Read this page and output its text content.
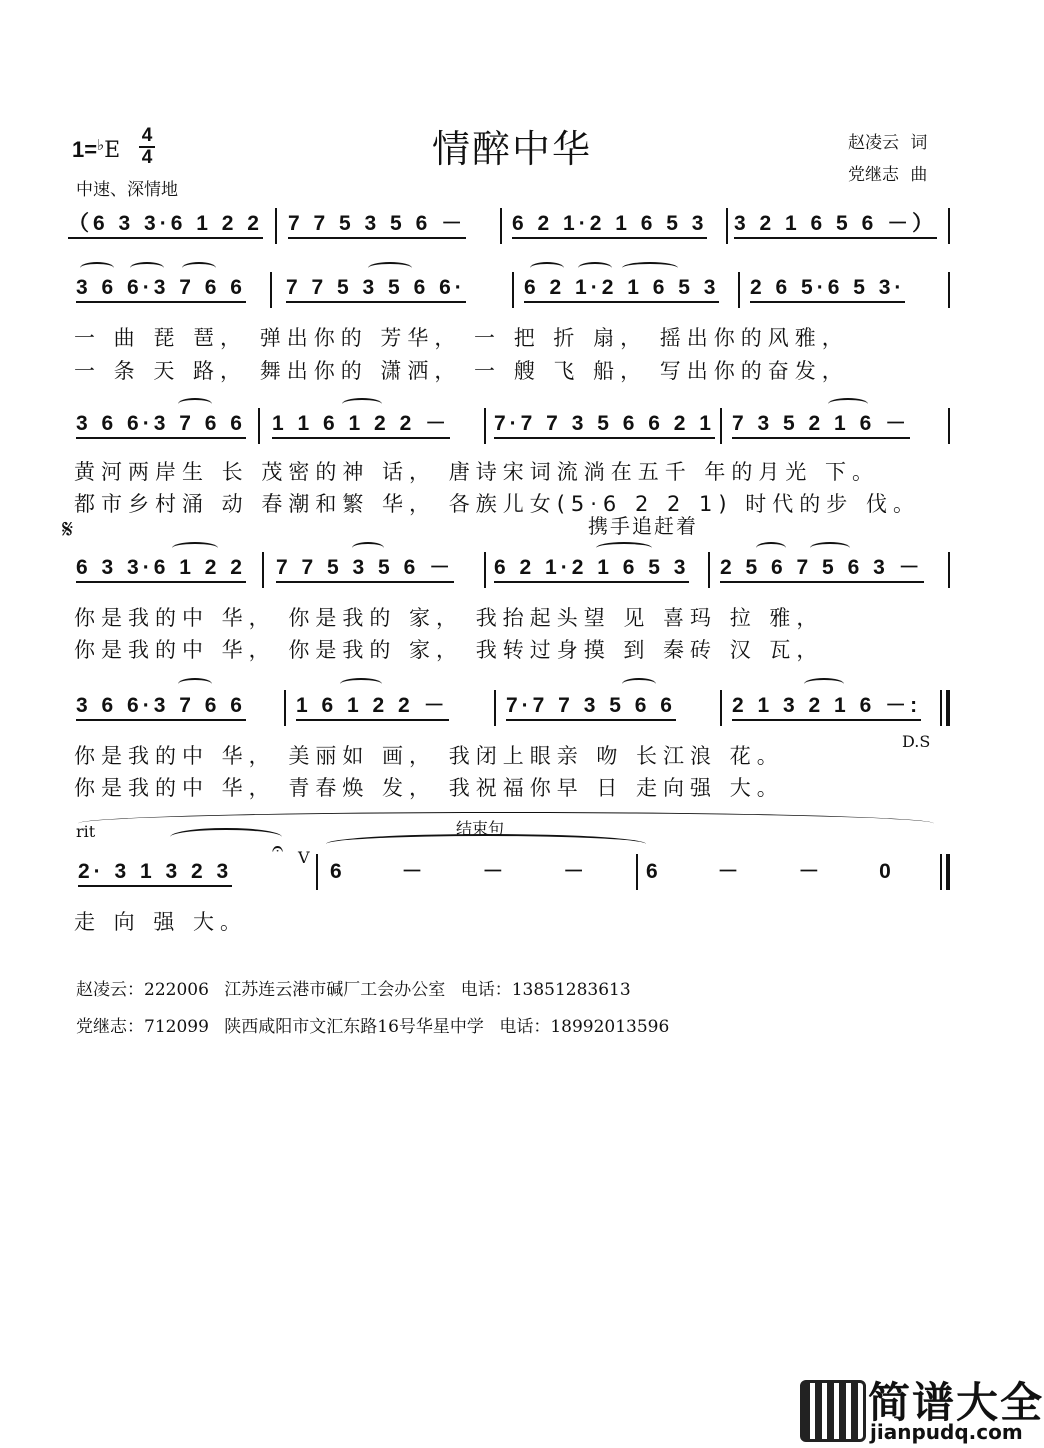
情醉中华
1=♭E
4
4
中速、深情地
赵凌云 词
党继志 曲
（6 3 3·6 1 2 2 7 7 5 3 5 6 － 6 2 1·2 1 6 5 3 3 2 1 6 5 6 －）
3 6 6·3 7 6 6 7 7 5 3 5 6 6·	6 2 1·2 1 6 5 3 2 6 5·6 5 3·
一 曲 琵 琶， 弹出你的 芳华， 一 把 折 扇， 摇出你的风雅，
一 条 天 路， 舞出你的 潇洒， 一 艘 飞 船， 写出你的奋发，
3 6 6·3 7 6 6 1 1 6 1 2 2 － 7·7 7 3 5 6 6 2 1 7 3 5 2 1 6 －
黄河两岸生 长 茂密的神 话， 唐诗宋词流淌在五千 年的月光 下。
都市乡村涌 动 春潮和繁 华， 各族儿女(5·6 2 2 1) 时代的步 伐。
携手追赶着
𝄋
6 3 3·6 1 2 2 7 7 5 3 5 6 － 6 2 1·2 1 6 5 3 2 5 6 7 5 6 3 －
你是我的中 华， 你是我的 家， 我抬起头望 见 喜玛 拉 雅，
你是我的中 华， 你是我的 家， 我转过身摸 到 秦砖 汉 瓦，
3 6 6·3 7 6 6 1 6 1 2 2 －	7·7 7 3 5 6 6	2 1 3 2 1 6 －:
D.S
你是我的中 华， 美丽如 画， 我闭上眼亲 吻 长江浪 花。
你是我的中 华， 青春焕 发， 我祝福你早 日 走向强 大。
rit	结束句
𝄐
2· 3 1 3 2 3
V
6 － － －	6 － － 0
走 向 强 大。
赵凌云：222006 江苏连云港市碱厂工会办公室 电话：13851283613
党继志：712099 陕西咸阳市文汇东路16号华星中学 电话：18992013596
简谱大全
jianpudq.com
